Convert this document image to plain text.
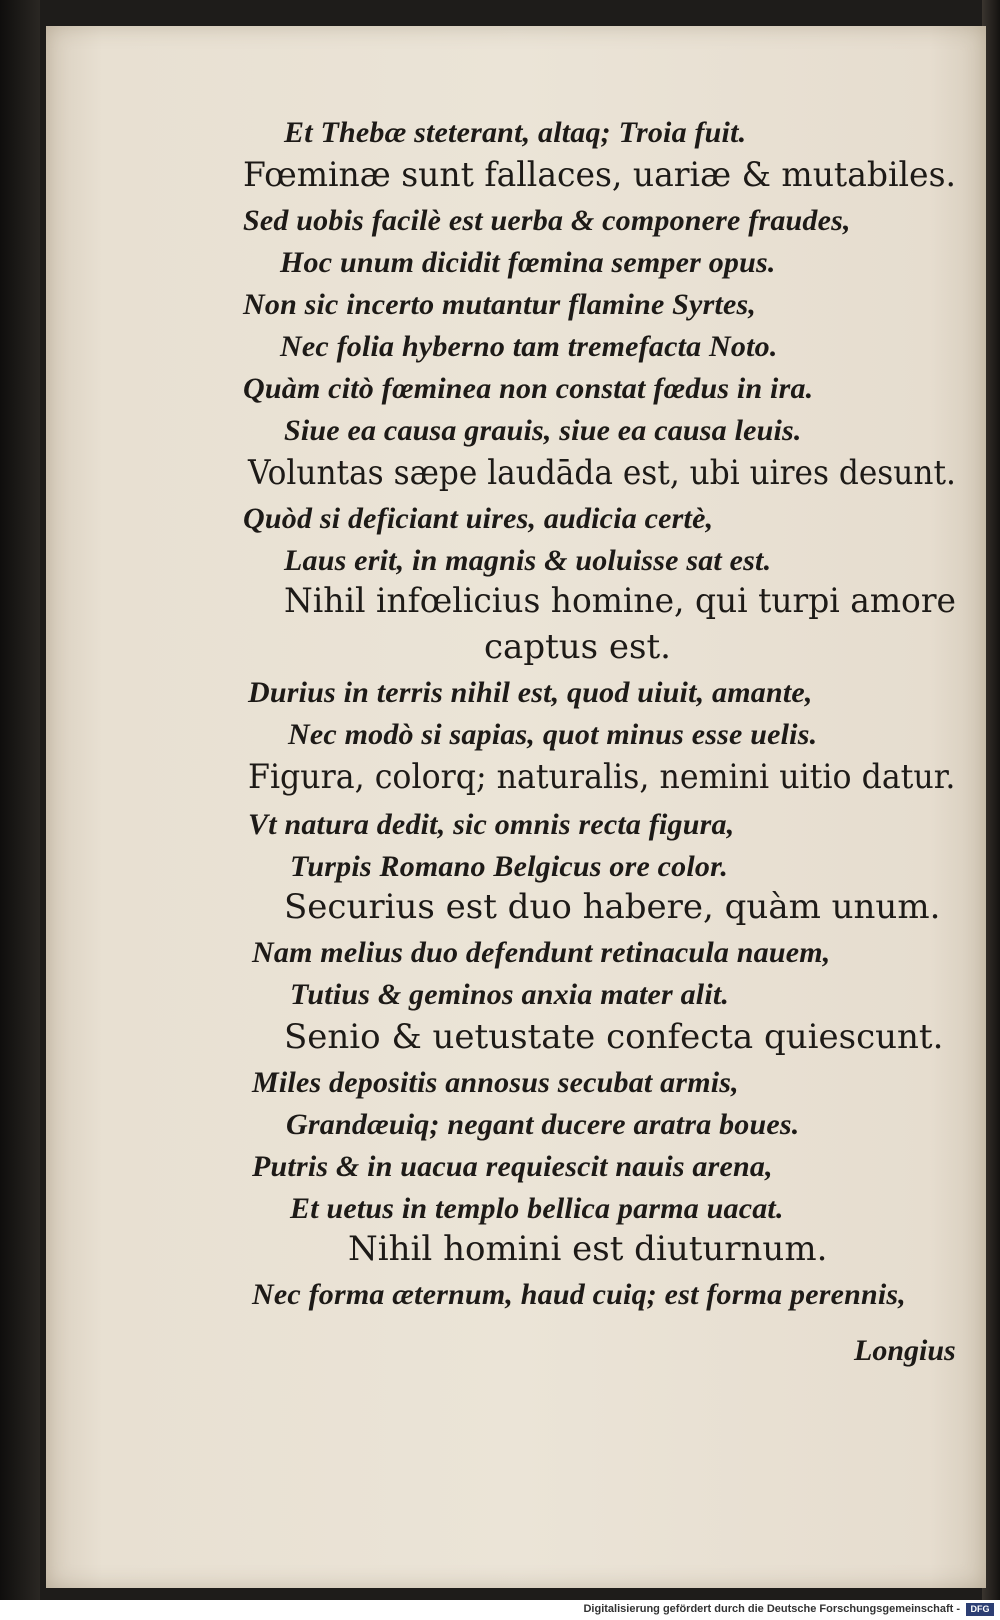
Et Thebæ steterant, altaq; Troia fuit.
Fœminæ sunt fallaces, uariæ & mutabiles.
Sed uobis facilè est uerba & componere fraudes,
Hoc unum dicidit fœmina semper opus.
Non sic incerto mutantur flamine Syrtes,
Nec folia hyberno tam tremefacta Noto.
Quàm citò fœminea non constat fœdus in ira.
Siue ea causa grauis, siue ea causa leuis.
Voluntas sæpe laudāda est, ubi uires desunt.
Quòd si deficiant uires, audicia certè,
Laus erit, in magnis & uoluisse sat est.
Nihil infœlicius homine, qui turpi amore
captus est.
Durius in terris nihil est, quod uiuit, amante,
Nec modò si sapias, quot minus esse uelis.
Figura, colorq; naturalis, nemini uitio datur.
Vt natura dedit, sic omnis recta figura,
Turpis Romano Belgicus ore color.
Securius est duo habere, quàm unum.
Nam melius duo defendunt retinacula nauem,
Tutius & geminos anxia mater alit.
Senio & uetustate confecta quiescunt.
Miles depositis annosus secubat armis,
Grandæuiq; negant ducere aratra boues.
Putris & in uacua requiescit nauis arena,
Et uetus in templo bellica parma uacat.
Nihil homini est diuturnum.
Nec forma æternum, haud cuiq; est forma perennis,
Longius
Digitalisierung gefördert durch die Deutsche Forschungsgemeinschaft -	DFG
